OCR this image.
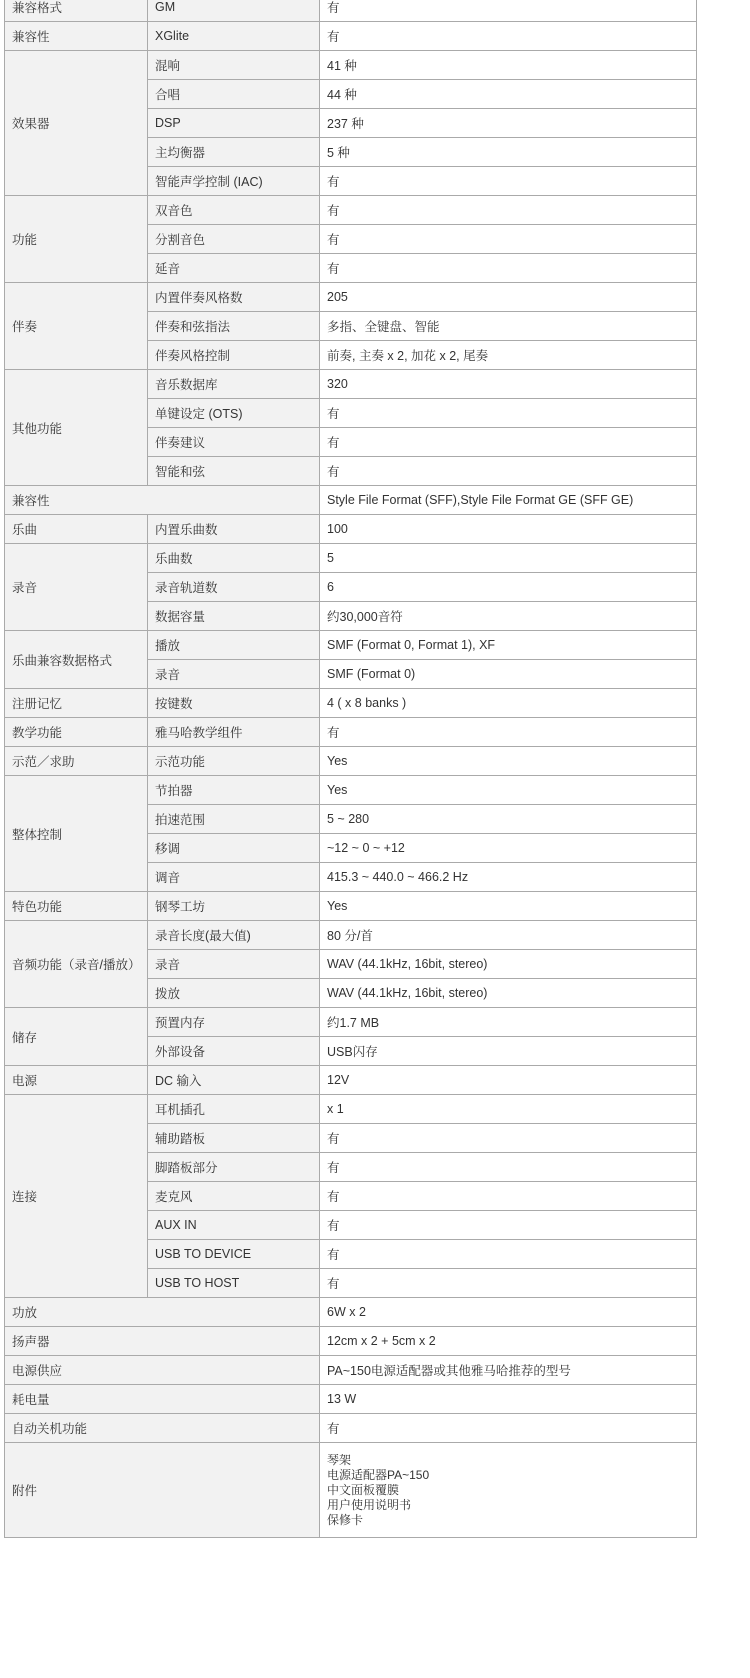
兼容格式	GM	有
兼容性	XGlite	有
效果器	混响	41 种
	合唱	44 种
	DSP	237 种
	主均衡器	5 种
	智能声学控制 (IAC)	有
功能	双音色	有
	分割音色	有
	延音	有
伴奏	内置伴奏风格数	205
	伴奏和弦指法	多指、全键盘、智能
	伴奏风格控制	前奏, 主奏 x 2, 加花 x 2, 尾奏
其他功能	音乐数据库	320
	单键设定 (OTS)	有
	伴奏建议	有
	智能和弦	有
兼容性		Style File Format (SFF),Style File Format GE (SFF GE)
乐曲	内置乐曲数	100
录音	乐曲数	5
	录音轨道数	6
	数据容量	约30,000音符
乐曲兼容数据格式	播放	SMF (Format 0, Format 1), XF
	录音	SMF (Format 0)
注册记忆	按键数	4 ( x 8 banks )
教学功能	雅马哈教学组件	有
示范／求助	示范功能	Yes
整体控制	节拍器	Yes
	拍速范围	5 ~ 280
	移调	~12 ~ 0 ~ +12
	调音	415.3 ~ 440.0 ~ 466.2 Hz
特色功能	钢琴工坊	Yes
音频功能（录音/播放）	录音长度(最大值)	80 分/首
	录音	WAV (44.1kHz, 16bit, stereo)
	拨放	WAV (44.1kHz, 16bit, stereo)
储存	预置内存	约1.7 MB
	外部设备	USB闪存
电源	DC 输入	12V
连接	耳机插孔	x 1
	辅助踏板	有
	脚踏板部分	有
	麦克风	有
	AUX IN	有
	USB TO DEVICE	有
	USB TO HOST	有
功放		6W x 2
扬声器		12cm x 2 + 5cm x 2
电源供应		PA~150电源适配器或其他雅马哈推荐的型号
耗电量		13 W
自动关机功能		有
附件		琴架
电源适配器PA~150
中文面板覆膜
用户使用说明书
保修卡
